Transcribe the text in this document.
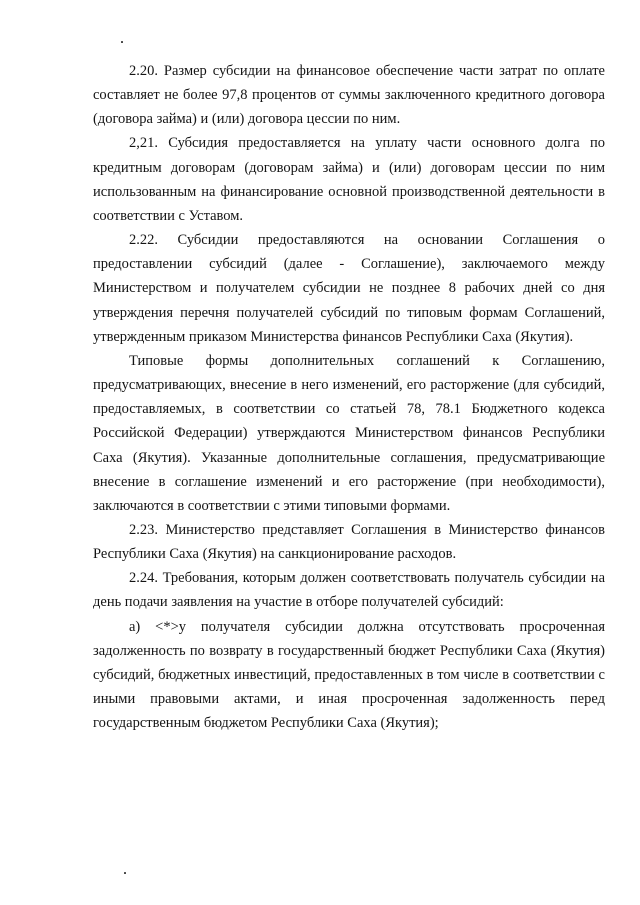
2.20. Размер субсидии на финансовое обеспечение части затрат по оплате составляет не более 97,8 процентов от суммы заключенного кредитного договора (договора займа) и (или) договора цессии по ним.

2,21. Субсидия предоставляется на уплату части основного долга по кредитным договорам (договорам займа) и (или) договорам цессии по ним использованным на финансирование основной производственной деятельности в соответствии с Уставом.

2.22. Субсидии предоставляются на основании Соглашения о предоставлении субсидий (далее - Соглашение), заключаемого между Министерством и получателем субсидии не позднее 8 рабочих дней со дня утверждения перечня получателей субсидий по типовым формам Соглашений, утвержденным приказом Министерства финансов Республики Саха (Якутия).

Типовые формы дополнительных соглашений к Соглашению, предусматривающих, внесение в него изменений, его расторжение (для субсидий, предоставляемых, в соответствии со статьей 78, 78.1 Бюджетного кодекса Российской Федерации) утверждаются Министерством финансов Республики Саха (Якутия). Указанные дополнительные соглашения, предусматривающие внесение в соглашение изменений и его расторжение (при необходимости), заключаются в соответствии с этими типовыми формами.

2.23. Министерство представляет Соглашения в Министерство финансов Республики Саха (Якутия) на санкционирование расходов.

2.24. Требования, которым должен соответствовать получатель субсидии на день подачи заявления на участие в отборе получателей субсидий:

а) <*>у получателя субсидии должна отсутствовать просроченная задолженность по возврату в государственный бюджет Республики Саха (Якутия) субсидий, бюджетных инвестиций, предоставленных в том числе в соответствии с иными правовыми актами, и иная просроченная задолженность перед государственным бюджетом Республики Саха (Якутия);
